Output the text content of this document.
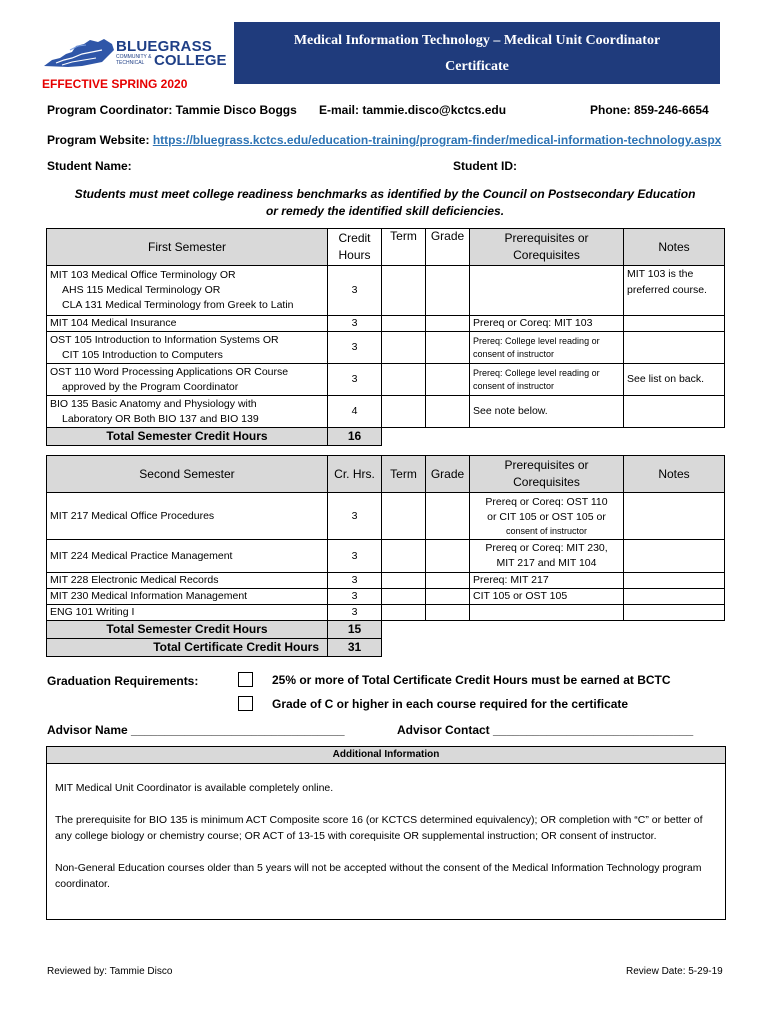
BLUEGRASS
COMMUNITY & TECHNICAL COLLEGE
Medical Information Technology – Medical Unit Coordinator
Certificate
EFFECTIVE SPRING 2020
Program Coordinator: Tammie Disco Boggs E-mail: tammie.disco@kctcs.edu	Phone: 859-246-6654
Program Website: https://bluegrass.kctcs.edu/education-training/program-finder/medical-information-technology.aspx
Student Name:	Student ID:
Students must meet college readiness benchmarks as identified by the Council on Postsecondary Education
or remedy the identified skill deficiencies.
First Semester	Credit Hours	Term	Grade	Prerequisites or Corequisites	Notes

MIT 103 Medical Office Terminology OR
AHS 115 Medical Terminology OR
CLA 131 Medical Terminology from Greek to Latin	3				MIT 103 is the preferred course.
MIT 104 Medical Insurance	3			Prereq or Coreq: MIT 103	

OST 105 Introduction to Information Systems OR
CIT 105 Introduction to Computers	3			Prereq: College level reading or consent of instructor	

OST 110 Word Processing Applications OR Course
approved by the Program Coordinator	3			Prereq: College level reading or consent of instructor	See list on back.

BIO 135 Basic Anatomy and Physiology with
Laboratory OR Both BIO 137 and BIO 139	4			See note below.	
Total Semester Credit Hours	16				
Second Semester	Cr. Hrs.	Term	Grade	Prerequisites or Corequisites	Notes
MIT 217 Medical Office Procedures	3			Prereq or Coreq: OST 110
or CIT 105 or OST 105 or
consent of instructor	

MIT 224 Medical Practice Management	3			Prereq or Coreq: MIT 230,
MIT 217 and MIT 104	

MIT 228 Electronic Medical Records	3			Prereq: MIT 217	
MIT 230 Medical Information Management	3			CIT 105 or OST 105	
ENG 101 Writing I	3				
Total Semester Credit Hours	15				
Total Certificate Credit Hours	31				
Graduation Requirements:	25% or more of Total Certificate Credit Hours must be earned at BCTC
Grade of C or higher in each course required for the certificate
Advisor Name ________________________________	Advisor Contact ______________________________
Additional Information

MIT Medical Unit Coordinator is available completely online.

The prerequisite for BIO 135 is minimum ACT Composite score 16 (or KCTCS determined equivalency); OR completion with “C” or better of any college biology or chemistry course; OR ACT of 13-15 with corequisite OR supplemental instruction; OR consent of instructor.

Non-General Education courses older than 5 years will not be accepted without the consent of the Medical Information Technology program coordinator.

Reviewed by: Tammie Disco	Review Date: 5-29-19
